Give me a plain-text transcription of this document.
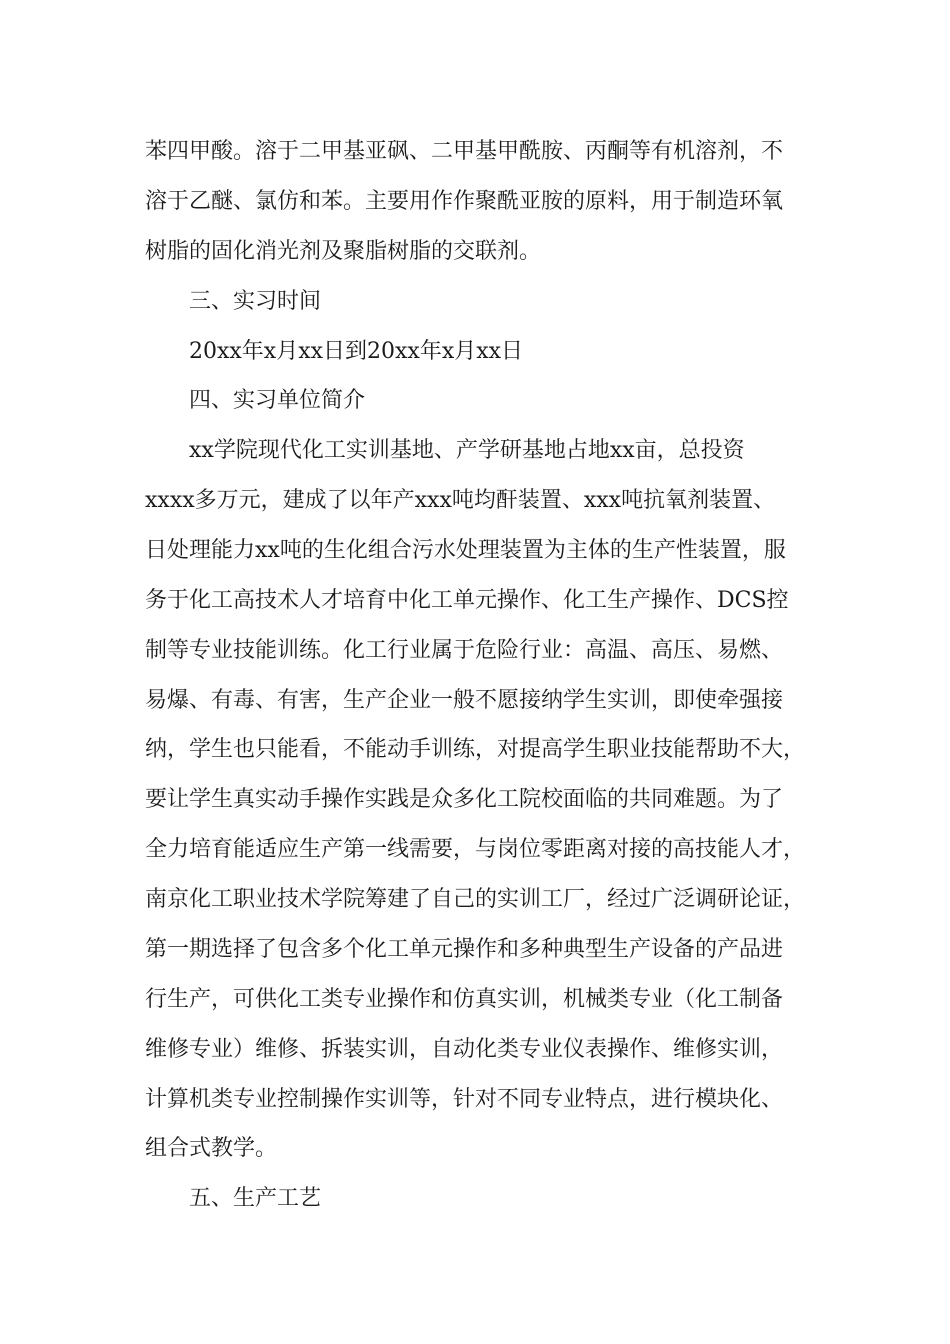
苯四甲酸。溶于二甲基亚砜、二甲基甲酰胺、丙酮等有机溶剂，不
溶于乙醚、氯仿和苯。主要用作作聚酰亚胺的原料，用于制造环氧
树脂的固化消光剂及聚脂树脂的交联剂。
三、实习时间
20xx年x月xx日到20xx年x月xx日
四、实习单位简介
xx学院现代化工实训基地、产学研基地占地xx亩，总投资
xxxx多万元，建成了以年产xxx吨均酐装置、xxx吨抗氧剂装置、
日处理能力xx吨的生化组合污水处理装置为主体的生产性装置，服
务于化工高技术人才培育中化工单元操作、化工生产操作、DCS控
制等专业技能训练。化工行业属于危险行业：高温、高压、易燃、
易爆、有毒、有害，生产企业一般不愿接纳学生实训，即使牵强接
纳，学生也只能看，不能动手训练，对提高学生职业技能帮助不大，
要让学生真实动手操作实践是众多化工院校面临的共同难题。为了
全力培育能适应生产第一线需要，与岗位零距离对接的高技能人才，
南京化工职业技术学院筹建了自己的实训工厂，经过广泛调研论证，
第一期选择了包含多个化工单元操作和多种典型生产设备的产品进
行生产，可供化工类专业操作和仿真实训，机械类专业（化工制备
维修专业）维修、拆装实训，自动化类专业仪表操作、维修实训，
计算机类专业控制操作实训等，针对不同专业特点，进行模块化、
组合式教学。
五、生产工艺
